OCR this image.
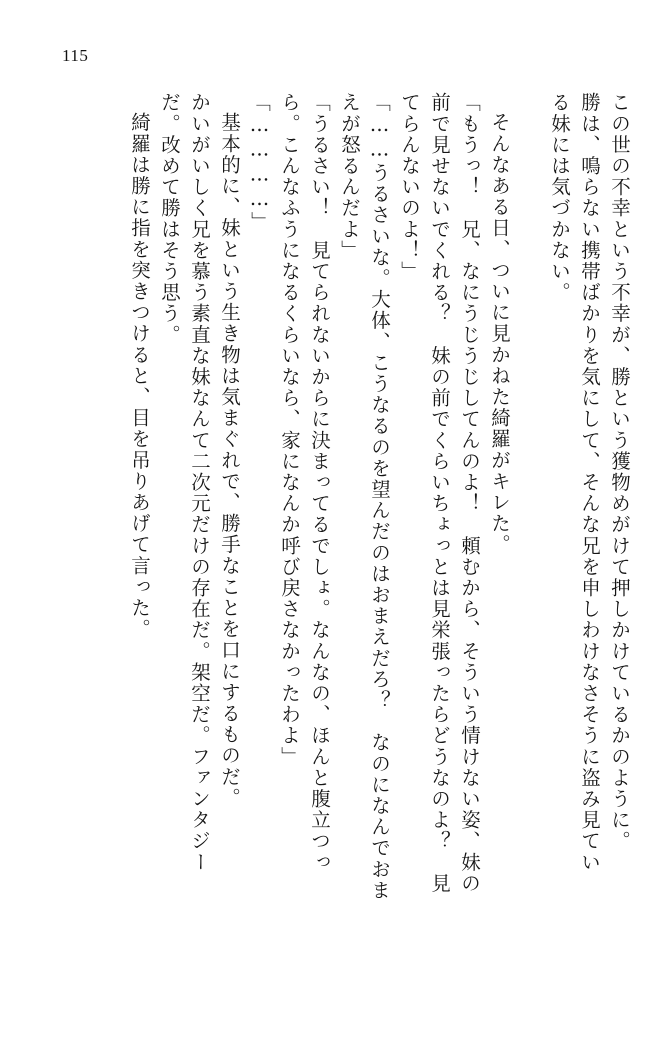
115
この世の不幸という不幸が、勝という獲物めがけて押しかけているかのように。
勝は、鳴らない携帯ばかりを気にして、そんな兄を申しわけなさそうに盗み見てい
る妹には気づかない。
そんなある日、ついに見かねた綺羅がキレた。
「もうっ！　兄、なにうじうじしてんのよ！　頼むから、そういう情けない姿、妹の
前で見せないでくれる？　妹の前でくらいちょっとは見栄張ったらどうなのよ？　見
てらんないのよ！」
「……うるさいな。大体、こうなるのを望んだのはおまえだろ？　なのになんでおま
えが怒るんだよ」
「うるさい！　見てられないからに決まってるでしょ。なんなの、ほんと腹立つっ
ら。こんなふうになるくらいなら、家になんか呼び戻さなかったわよ」
「…………」
基本的に、妹という生き物は気まぐれで、勝手なことを口にするものだ。
かいがいしく兄を慕う素直な妹なんて二次元だけの存在だ。架空だ。ファンタジー
だ。改めて勝はそう思う。
綺羅は勝に指を突きつけると、目を吊りあげて言った。
